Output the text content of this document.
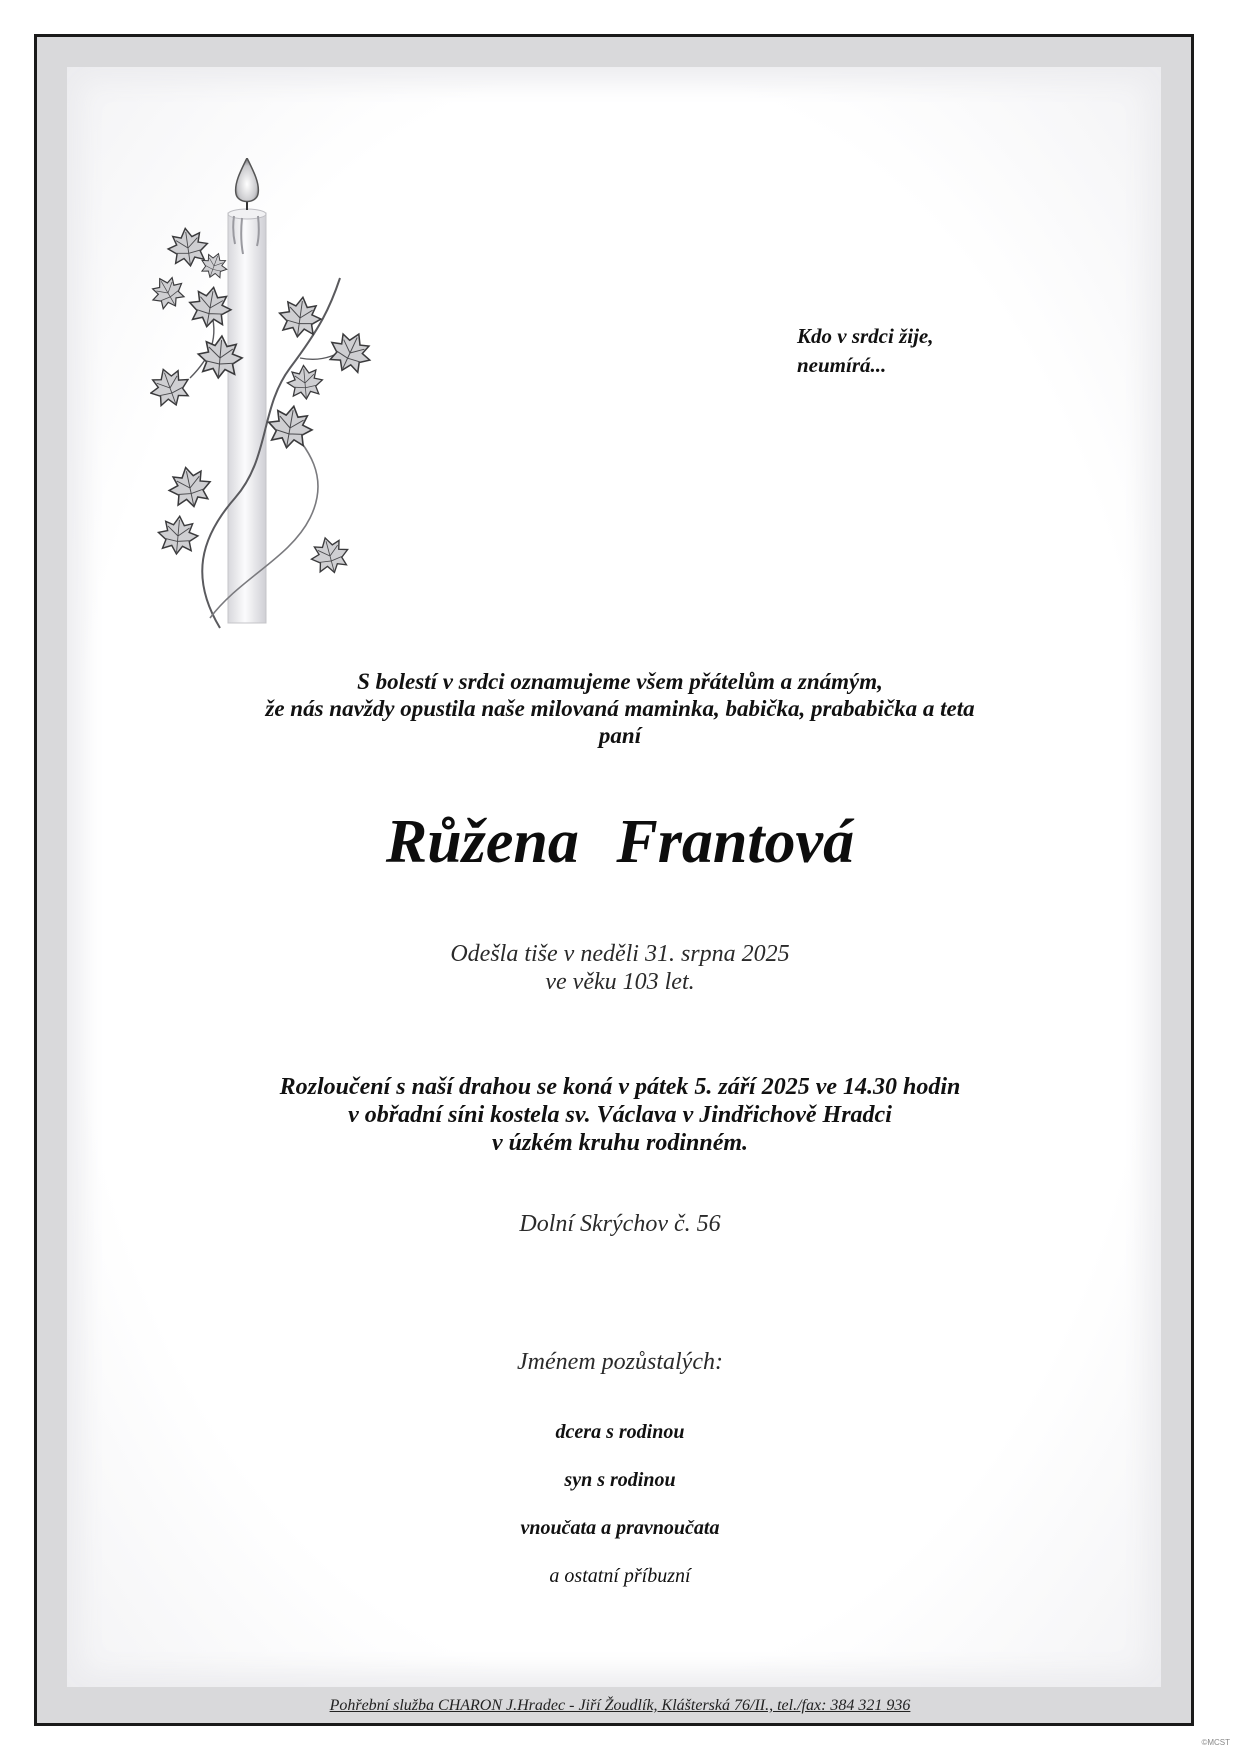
Kdo v srdci žije,
neumírá...
S bolestí v srdci oznamujeme všem přátelům a známým,
že nás navždy opustila naše milovaná maminka, babička, prababička a teta
paní
Růžena Frantová
Odešla tiše v neděli 31. srpna 2025
ve věku 103 let.
Rozloučení s naší drahou se koná v pátek 5. září 2025 ve 14.30 hodin
v obřadní síni kostela sv. Václava v Jindřichově Hradci
v úzkém kruhu rodinném.
Dolní Skrýchov č. 56
Jménem pozůstalých:
dcera s rodinou
syn s rodinou
vnoučata a pravnoučata
a ostatní příbuzní
Pohřební služba CHARON J.Hradec - Jiří Žoudlík, Klášterská 76/II., tel./fax: 384 321 936
©MCST
